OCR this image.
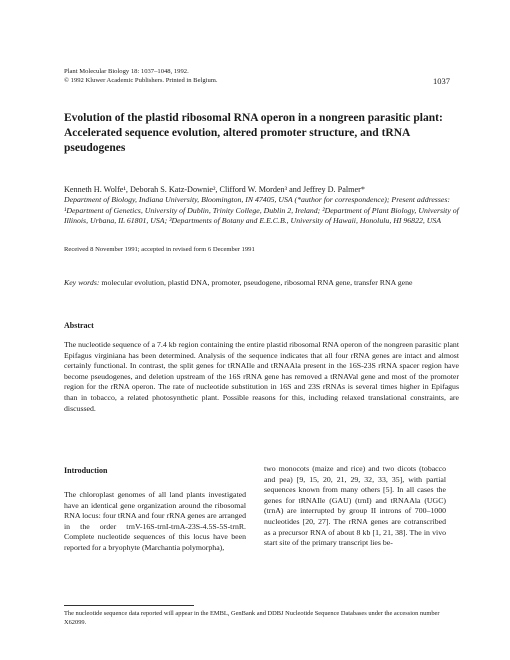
Plant Molecular Biology 18: 1037–1048, 1992.
© 1992 Kluwer Academic Publishers. Printed in Belgium.	1037
Evolution of the plastid ribosomal RNA operon in a nongreen parasitic plant: Accelerated sequence evolution, altered promoter structure, and tRNA pseudogenes
Kenneth H. Wolfe¹, Deborah S. Katz-Downie², Clifford W. Morden³ and Jeffrey D. Palmer*
Department of Biology, Indiana University, Bloomington, IN 47405, USA (*author for correspondence); Present addresses: ¹Department of Genetics, University of Dublin, Trinity College, Dublin 2, Ireland; ²Department of Plant Biology, University of Illinois, Urbana, IL 61801, USA; ³Departments of Botany and E.E.C.B., University of Hawaii, Honolulu, HI 96822, USA
Received 8 November 1991; accepted in revised form 6 December 1991
Key words: molecular evolution, plastid DNA, promoter, pseudogene, ribosomal RNA gene, transfer RNA gene
Abstract

The nucleotide sequence of a 7.4 kb region containing the entire plastid ribosomal RNA operon of the nongreen parasitic plant Epifagus virginiana has been determined. Analysis of the sequence indicates that all four rRNA genes are intact and almost certainly functional. In contrast, the split genes for tRNAIle and tRNAAla present in the 16S-23S rRNA spacer region have become pseudogenes, and deletion upstream of the 16S rRNA gene has removed a tRNAVal gene and most of the promoter region for the rRNA operon. The rate of nucleotide substitution in 16S and 23S rRNAs is several times higher in Epifagus than in tobacco, a related photosynthetic plant. Possible reasons for this, including relaxed translational constraints, are discussed.

Introduction

The chloroplast genomes of all land plants investigated have an identical gene organization around the ribosomal RNA locus: four tRNA and four rRNA genes are arranged in the order trnV-16S-trnI-trnA-23S-4.5S-5S-trnR. Complete nucleotide sequences of this locus have been reported for a bryophyte (Marchantia polymorpha),

two monocots (maize and rice) and two dicots (tobacco and pea) [9, 15, 20, 21, 29, 32, 33, 35], with partial sequences known from many others [5]. In all cases the genes for tRNAIle (GAU) (trnI) and tRNAAla (UGC) (trnA) are interrupted by group II introns of 700–1000 nucleotides [20, 27]. The rRNA genes are cotranscribed as a precursor RNA of about 8 kb [1, 21, 38]. The in vivo start site of the primary transcript lies be-

The nucleotide sequence data reported will appear in the EMBL, GenBank and DDBJ Nucleotide Sequence Databases under the accession number X62099.
